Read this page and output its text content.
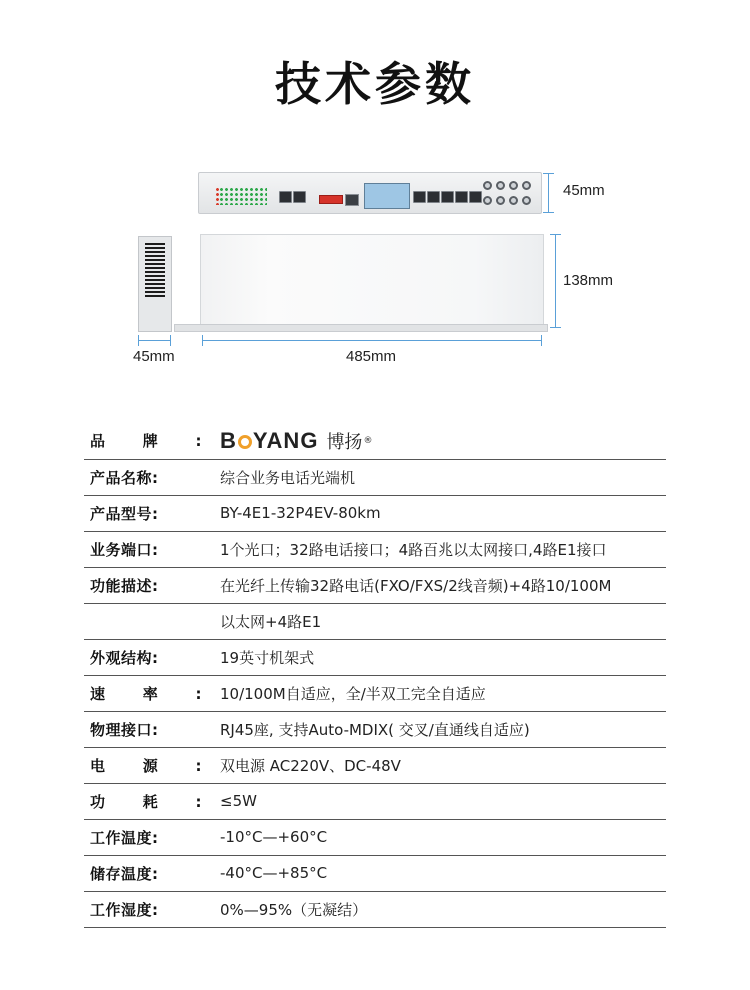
技术参数
45mm
138mm
45mm	485mm
品牌:	B YANG 博扬 ®

产品名称:	综合业务电话光端机
产品型号:	BY-4E1-32P4EV-80km
业务端口:	1个光口；32路电话接口；4路百兆以太网接口,4路E1接口
功能描述:	在光纤上传输32路电话(FXO/FXS/2线音频)+4路10/100M
	以太网+4路E1
外观结构:	19英寸机架式
速率:	10/100M自适应，全/半双工完全自适应
物理接口:	RJ45座, 支持Auto-MDIX( 交叉/直通线自适应)
电源:	双电源 AC220V、DC-48V
功耗:	≤5W
工作温度:	-10°C—+60°C
储存温度:	-40°C—+85°C
工作湿度:	0%—95%（无凝结）
